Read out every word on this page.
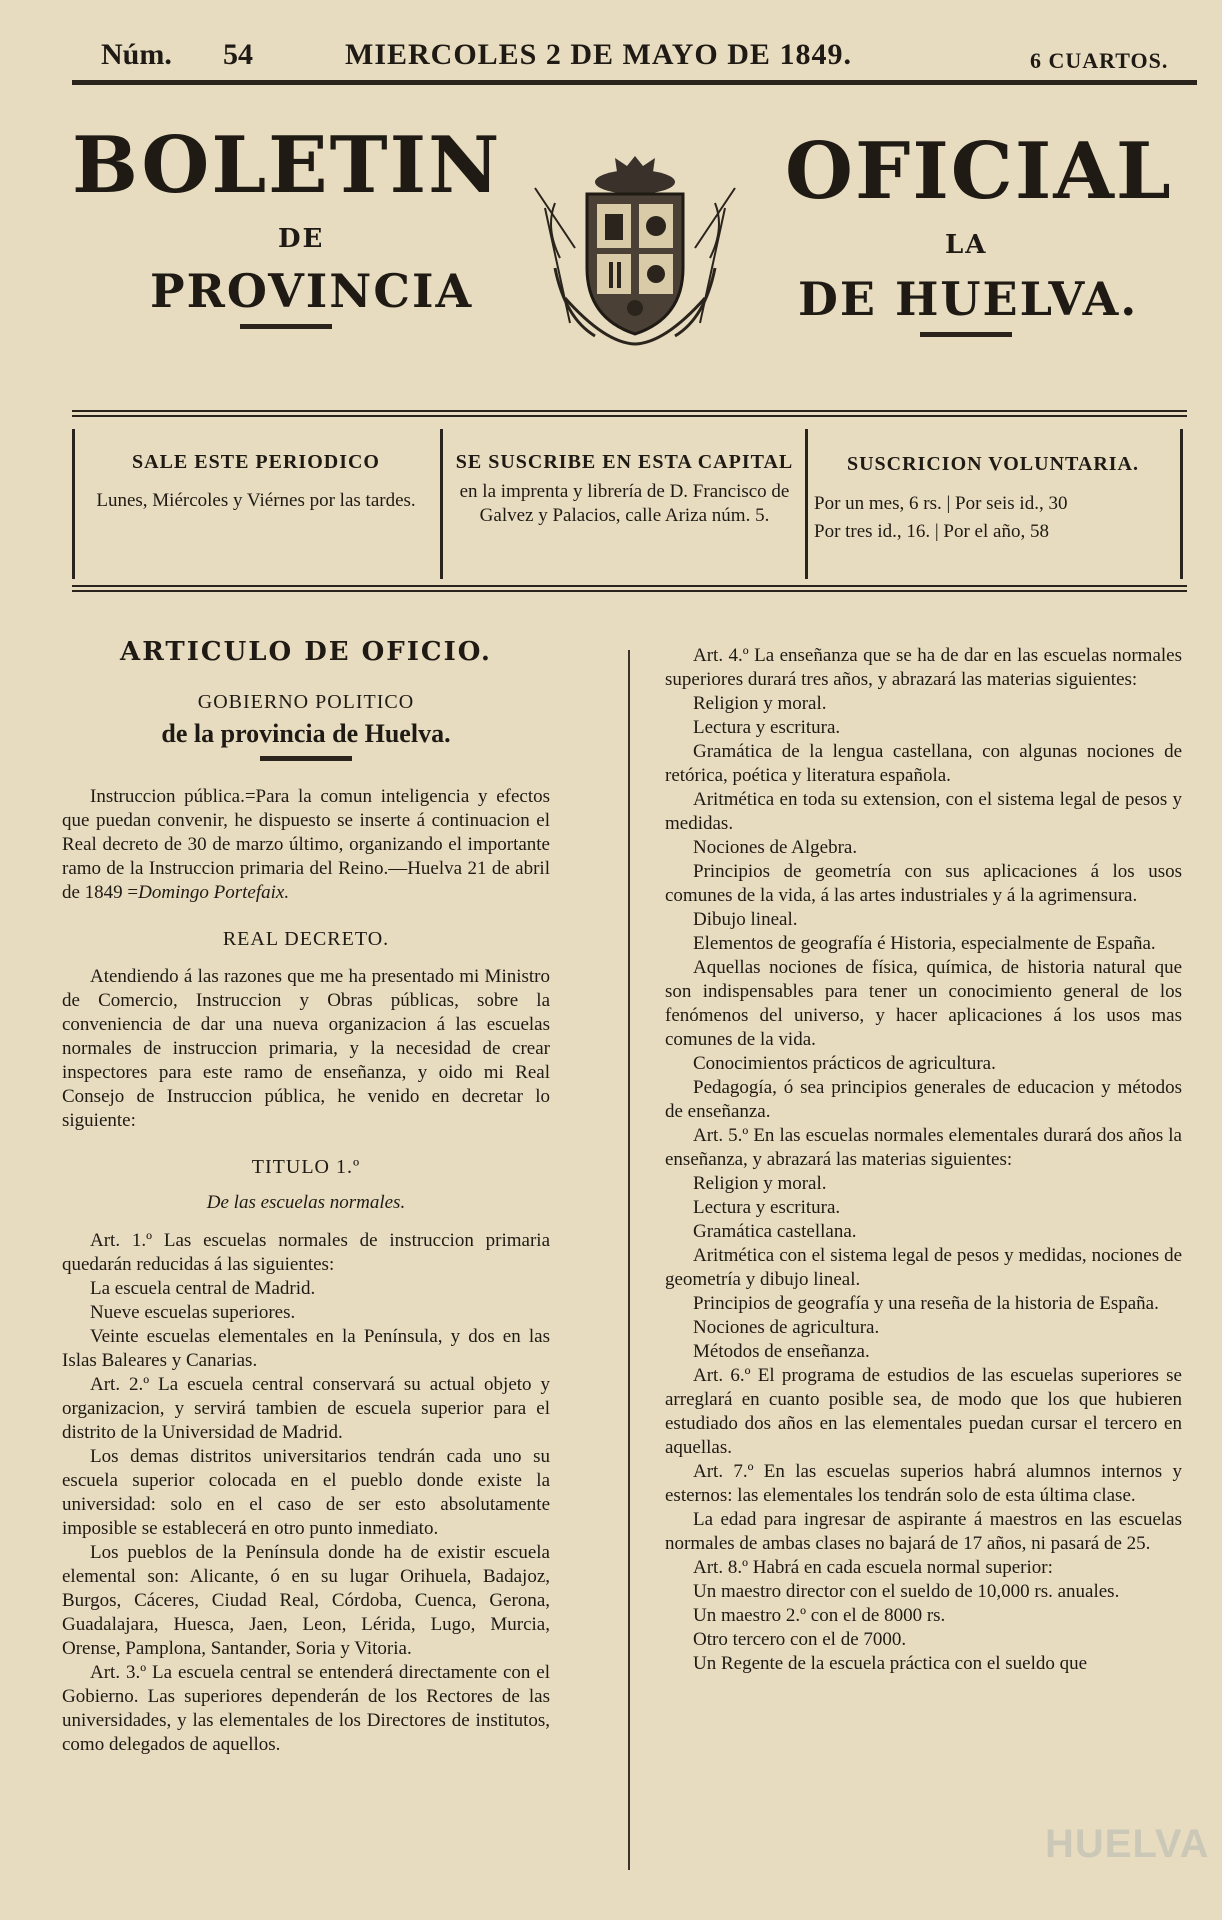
Núm. 54	MIERCOLES 2 DE MAYO DE 1849.	6 CUARTOS.
BOLETIN
DE
PROVINCIA
OFICIAL
LA
DE HUELVA.
SALE ESTE PERIODICO
Lunes, Miércoles y Viérnes por las tardes.
SE SUSCRIBE EN ESTA CAPITAL
en la imprenta y librería de D. Francisco de Galvez y Palacios, calle Ariza núm. 5.
SUSCRICION VOLUNTARIA.
Por un mes, 6 rs. | Por seis id., 30
Por tres id., 16. | Por el año, 58

ARTICULO DE OFICIO.

GOBIERNO POLITICO

de la provincia de Huelva.

Instruccion pública.=Para la comun inteligencia y efectos que puedan convenir, he dispuesto se inserte á continuacion el Real decreto de 30 de marzo último, organizando el importante ramo de la Instruccion primaria del Reino.—Huelva 21 de abril de 1849 =Domingo Portefaix.

REAL DECRETO.

Atendiendo á las razones que me ha presentado mi Ministro de Comercio, Instruccion y Obras públicas, sobre la conveniencia de dar una nueva organizacion á las escuelas normales de instruccion primaria, y la necesidad de crear inspectores para este ramo de enseñanza, y oido mi Real Consejo de Instruccion pública, he venido en decretar lo siguiente:

TITULO 1.º

De las escuelas normales.

Art. 1.º Las escuelas normales de instruccion primaria quedarán reducidas á las siguientes:

La escuela central de Madrid.

Nueve escuelas superiores.

Veinte escuelas elementales en la Península, y dos en las Islas Baleares y Canarias.

Art. 2.º La escuela central conservará su actual objeto y organizacion, y servirá tambien de escuela superior para el distrito de la Universidad de Madrid.

Los demas distritos universitarios tendrán cada uno su escuela superior colocada en el pueblo donde existe la universidad: solo en el caso de ser esto absolutamente imposible se establecerá en otro punto inmediato.

Los pueblos de la Península donde ha de existir escuela elemental son: Alicante, ó en su lugar Orihuela, Badajoz, Burgos, Cáceres, Ciudad Real, Córdoba, Cuenca, Gerona, Guadalajara, Huesca, Jaen, Leon, Lérida, Lugo, Murcia, Orense, Pamplona, Santander, Soria y Vitoria.

Art. 3.º La escuela central se entenderá directamente con el Gobierno. Las superiores dependerán de los Rectores de las universidades, y las elementales de los Directores de institutos, como delegados de aquellos.

Art. 4.º La enseñanza que se ha de dar en las escuelas normales superiores durará tres años, y abrazará las materias siguientes:

Religion y moral.

Lectura y escritura.

Gramática de la lengua castellana, con algunas nociones de retórica, poética y literatura española.

Aritmética en toda su extension, con el sistema legal de pesos y medidas.

Nociones de Algebra.

Principios de geometría con sus aplicaciones á los usos comunes de la vida, á las artes industriales y á la agrimensura.

Dibujo lineal.

Elementos de geografía é Historia, especialmente de España.

Aquellas nociones de física, química, de historia natural que son indispensables para tener un conocimiento general de los fenómenos del universo, y hacer aplicaciones á los usos mas comunes de la vida.

Conocimientos prácticos de agricultura.

Pedagogía, ó sea principios generales de educacion y métodos de enseñanza.

Art. 5.º En las escuelas normales elementales durará dos años la enseñanza, y abrazará las materias siguientes:

Religion y moral.

Lectura y escritura.

Gramática castellana.

Aritmética con el sistema legal de pesos y medidas, nociones de geometría y dibujo lineal.

Principios de geografía y una reseña de la historia de España.

Nociones de agricultura.

Métodos de enseñanza.

Art. 6.º El programa de estudios de las escuelas superiores se arreglará en cuanto posible sea, de modo que los que hubieren estudiado dos años en las elementales puedan cursar el tercero en aquellas.

Art. 7.º En las escuelas superios habrá alumnos internos y esternos: las elementales los tendrán solo de esta última clase.

La edad para ingresar de aspirante á maestros en las escuelas normales de ambas clases no bajará de 17 años, ni pasará de 25.

Art. 8.º Habrá en cada escuela normal superior:

Un maestro director con el sueldo de 10,000 rs. anuales.

Un maestro 2.º con el de 8000 rs.

Otro tercero con el de 7000.

Un Regente de la escuela práctica con el sueldo que

HUELVA
